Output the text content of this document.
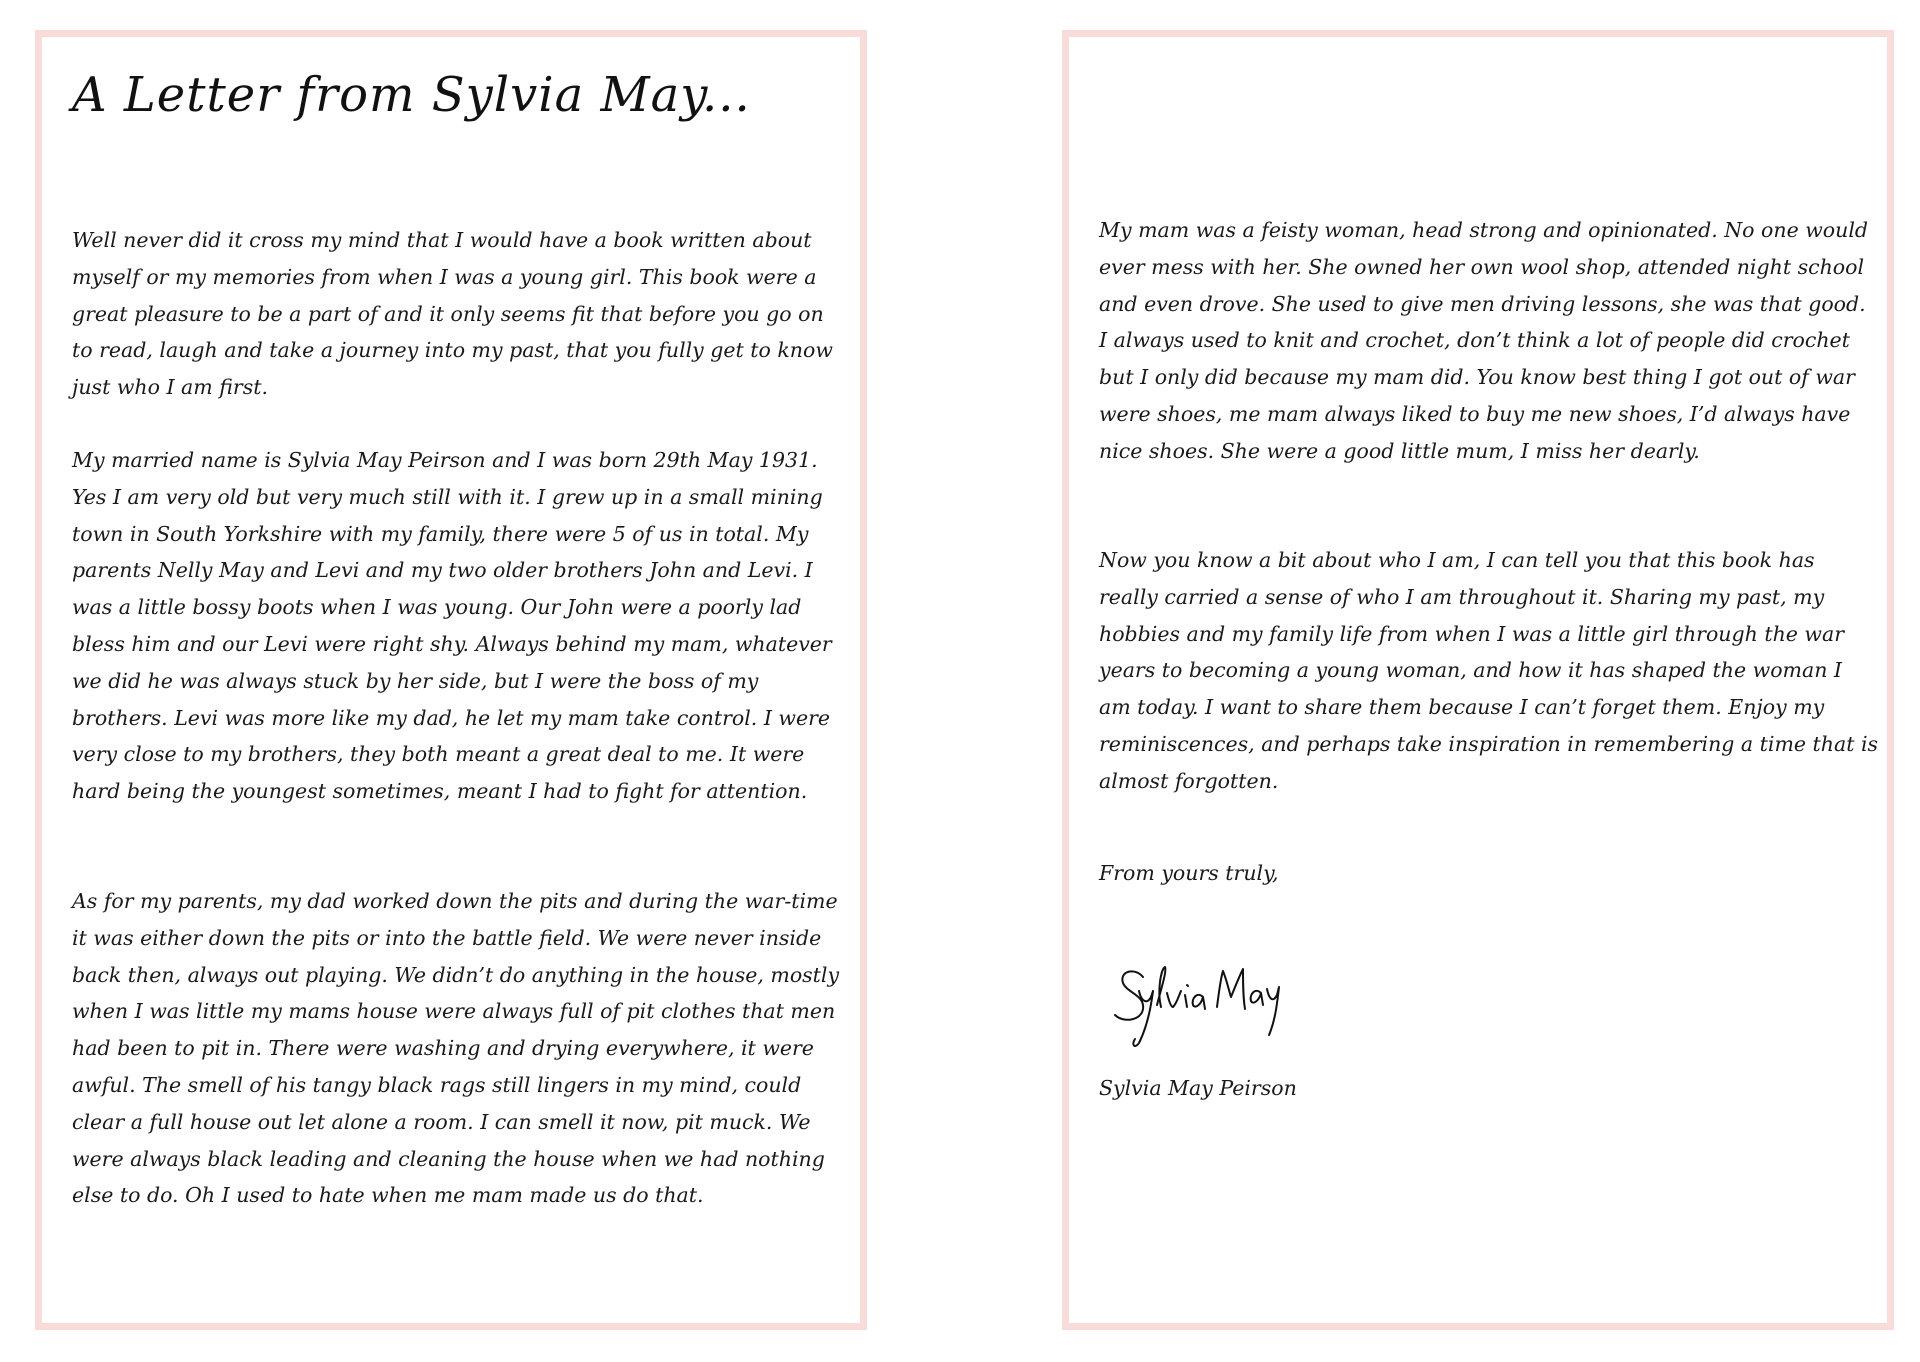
A Letter from Sylvia May...

Well never did it cross my mind that I would have a book written about myself or my memories from when I was a young girl. This book were a great pleasure to be a part of and it only seems fit that before you go on to read, laugh and take a journey into my past, that you fully get to know just who I am first.

My married name is Sylvia May Peirson and I was born 29th May 1931. Yes I am very old but very much still with it. I grew up in a small mining town in South Yorkshire with my family, there were 5 of us in total. My parents Nelly May and Levi and my two older brothers John and Levi. I was a little bossy boots when I was young. Our John were a poorly lad bless him and our Levi were right shy. Always behind my mam, whatever we did he was always stuck by her side, but I were the boss of my brothers. Levi was more like my dad, he let my mam take control. I were very close to my brothers, they both meant a great deal to me. It were hard being the youngest sometimes, meant I had to fight for attention.

As for my parents, my dad worked down the pits and during the war-time it was either down the pits or into the battle field. We were never inside back then, always out playing. We didn’t do anything in the house, mostly when I was little my mams house were always full of pit clothes that men had been to pit in. There were washing and drying everywhere, it were awful. The smell of his tangy black rags still lingers in my mind, could clear a full house out let alone a room. I can smell it now, pit muck. We were always black leading and cleaning the house when we had nothing else to do. Oh I used to hate when me mam made us do that.

My mam was a feisty woman, head strong and opinionated. No one would ever mess with her. She owned her own wool shop, attended night school and even drove. She used to give men driving lessons, she was that good. I always used to knit and crochet, don’t think a lot of people did crochet but I only did because my mam did. You know best thing I got out of war were shoes, me mam always liked to buy me new shoes, I’d always have nice shoes. She were a good little mum, I miss her dearly.

Now you know a bit about who I am, I can tell you that this book has really carried a sense of who I am throughout it. Sharing my past, my hobbies and my family life from when I was a little girl through the war years to becoming a young woman, and how it has shaped the woman I am today. I want to share them because I can’t forget them. Enjoy my reminiscences, and perhaps take inspiration in remembering a time that is almost forgotten.

From yours truly,

Sylvia May Peirson
